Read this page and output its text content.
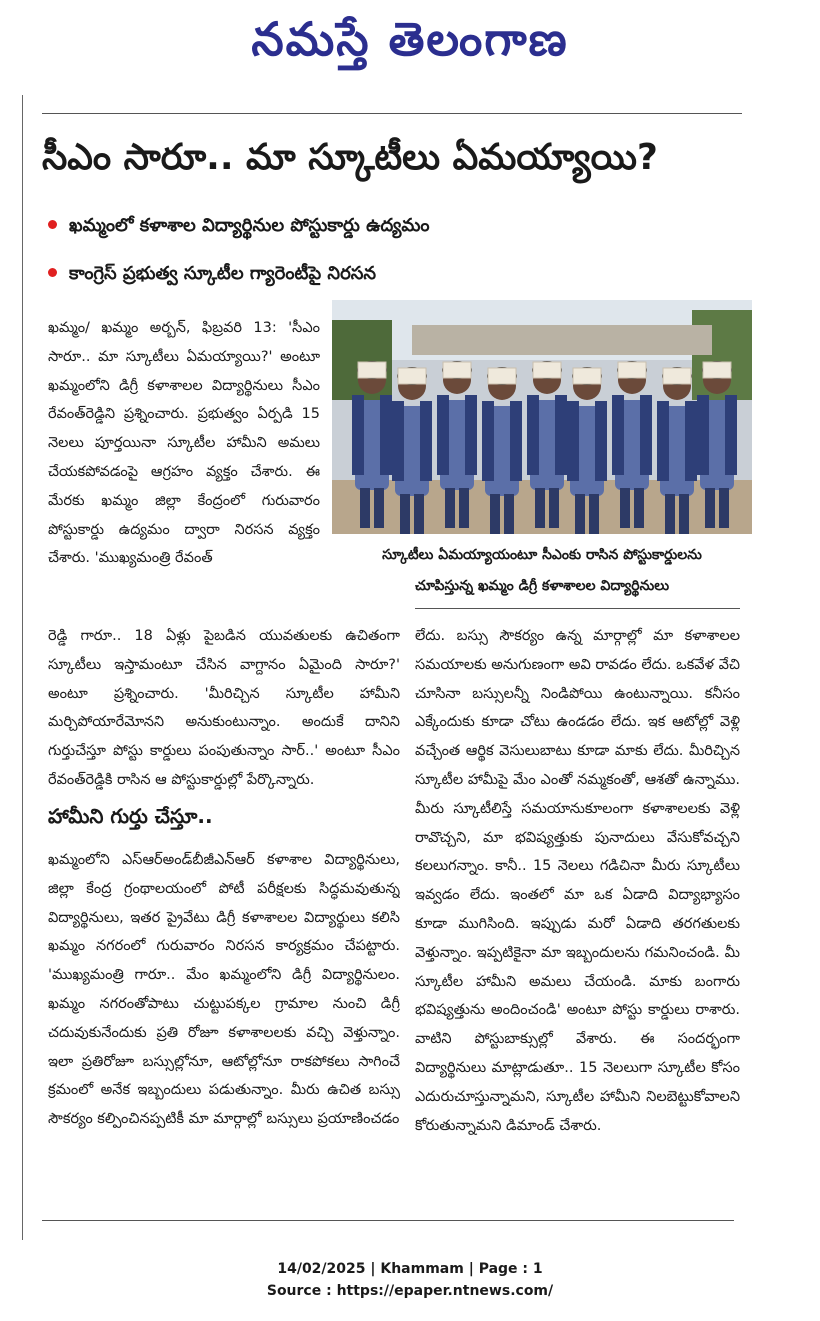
నమస్తే తెలంగాణ
సీఎం సారూ.. మా స్కూటీలు ఏమయ్యాయి?
ఖమ్మంలో కళాశాల విద్యార్థినుల పోస్టుకార్డు ఉద్యమం
కాంగ్రెస్ ప్రభుత్వ స్కూటీల గ్యారెంటీపై నిరసన

ఖమ్మం/ ఖమ్మం అర్బన్, ఫిబ్రవరి 13: 'సీఎం సారూ.. మా స్కూటీలు ఏమయ్యాయి?' అంటూ ఖమ్మంలోని డిగ్రీ కళాశాలల విద్యార్థినులు సీఎం రేవంత్‌రెడ్డిని ప్రశ్నించారు. ప్రభుత్వం ఏర్పడి 15 నెలలు పూర్తయినా స్కూటీల హామీని అమలు చేయకపోవడంపై ఆగ్రహం వ్యక్తం చేశారు. ఈ మేరకు ఖమ్మం జిల్లా కేంద్రంలో గురువారం పోస్టుకార్డు ఉద్యమం ద్వారా నిరసన వ్యక్తం చేశారు. 'ముఖ్యమంత్రి రేవంత్	స్కూటీలు ఏమయ్యాయంటూ సీఎంకు రాసిన పోస్టుకార్డులను
చూపిస్తున్న ఖమ్మం డిగ్రీ కళాశాలల విద్యార్థినులు

రెడ్డి గారూ.. 18 ఏళ్లు పైబడిన యువతులకు ఉచితంగా స్కూటీలు ఇస్తామంటూ చేసిన వాగ్దానం ఏమైంది సారూ?' అంటూ ప్రశ్నించారు. 'మీరిచ్చిన స్కూటీల హామీని మర్చిపోయారేమోనని అనుకుంటున్నాం. అందుకే దానిని గుర్తుచేస్తూ పోస్టు కార్డులు పంపుతున్నాం సార్..' అంటూ సీఎం రేవంత్‌రెడ్డికి రాసిన ఆ పోస్టుకార్డుల్లో పేర్కొన్నారు.

హామీని గుర్తు చేస్తూ..

ఖమ్మంలోని ఎస్‌ఆర్‌అండ్‌బీజీఎన్‌ఆర్ కళాశాల విద్యార్థినులు, జిల్లా కేంద్ర గ్రంథాలయంలో పోటీ పరీక్షలకు సిద్ధమవుతున్న విద్యార్థినులు, ఇతర ప్రైవేటు డిగ్రీ కళాశాలల విద్యార్థులు కలిసి ఖమ్మం నగరంలో గురువారం నిరసన కార్యక్రమం చేపట్టారు. 'ముఖ్యమంత్రి గారూ.. మేం ఖమ్మంలోని డిగ్రీ విద్యార్థినులం. ఖమ్మం నగరంతోపాటు చుట్టుపక్కల గ్రామాల నుంచి డిగ్రీ చదువుకునేందుకు ప్రతి రోజూ కళాశాలలకు వచ్చి వెళ్తున్నాం. ఇలా ప్రతిరోజూ బస్సుల్లోనూ, ఆటోల్లోనూ రాకపోకలు సాగించే క్రమంలో అనేక ఇబ్బందులు పడుతున్నాం. మీరు ఉచిత బస్సు సౌకర్యం కల్పించినప్పటికీ మా మార్గాల్లో బస్సులు ప్రయాణించడం

లేదు. బస్సు సౌకర్యం ఉన్న మార్గాల్లో మా కళాశాలల సమయాలకు అనుగుణంగా అవి రావడం లేదు. ఒకవేళ వేచి చూసినా బస్సులన్నీ నిండిపోయి ఉంటున్నాయి. కనీసం ఎక్కేందుకు కూడా చోటు ఉండడం లేదు. ఇక ఆటోల్లో వెళ్లి వచ్చేంత ఆర్థిక వెసులుబాటు కూడా మాకు లేదు. మీరిచ్చిన స్కూటీల హామీపై మేం ఎంతో నమ్మకంతో, ఆశతో ఉన్నాము. మీరు స్కూటీలిస్తే సమయానుకూలంగా కళాశాలలకు వెళ్లి రావొచ్చని, మా భవిష్యత్తుకు పునాదులు వేసుకోవచ్చని కలలుగన్నాం. కానీ.. 15 నెలలు గడిచినా మీరు స్కూటీలు ఇవ్వడం లేదు. ఇంతలో మా ఒక ఏడాది విద్యాభ్యాసం కూడా ముగిసింది. ఇప్పుడు మరో ఏడాది తరగతులకు వెళ్తున్నాం. ఇప్పటికైనా మా ఇబ్బందులను గమనించండి. మీ స్కూటీల హామీని అమలు చేయండి. మాకు బంగారు భవిష్యత్తును అందించండి' అంటూ పోస్టు కార్డులు రాశారు. వాటిని పోస్టుబాక్సుల్లో వేశారు. ఈ సందర్భంగా విద్యార్థినులు మాట్లాడుతూ.. 15 నెలలుగా స్కూటీల కోసం ఎదురుచూస్తున్నామని, స్కూటీల హామీని నిలబెట్టుకోవాలని కోరుతున్నామని డిమాండ్ చేశారు.

14/02/2025 | Khammam | Page : 1
Source : https://epaper.ntnews.com/
